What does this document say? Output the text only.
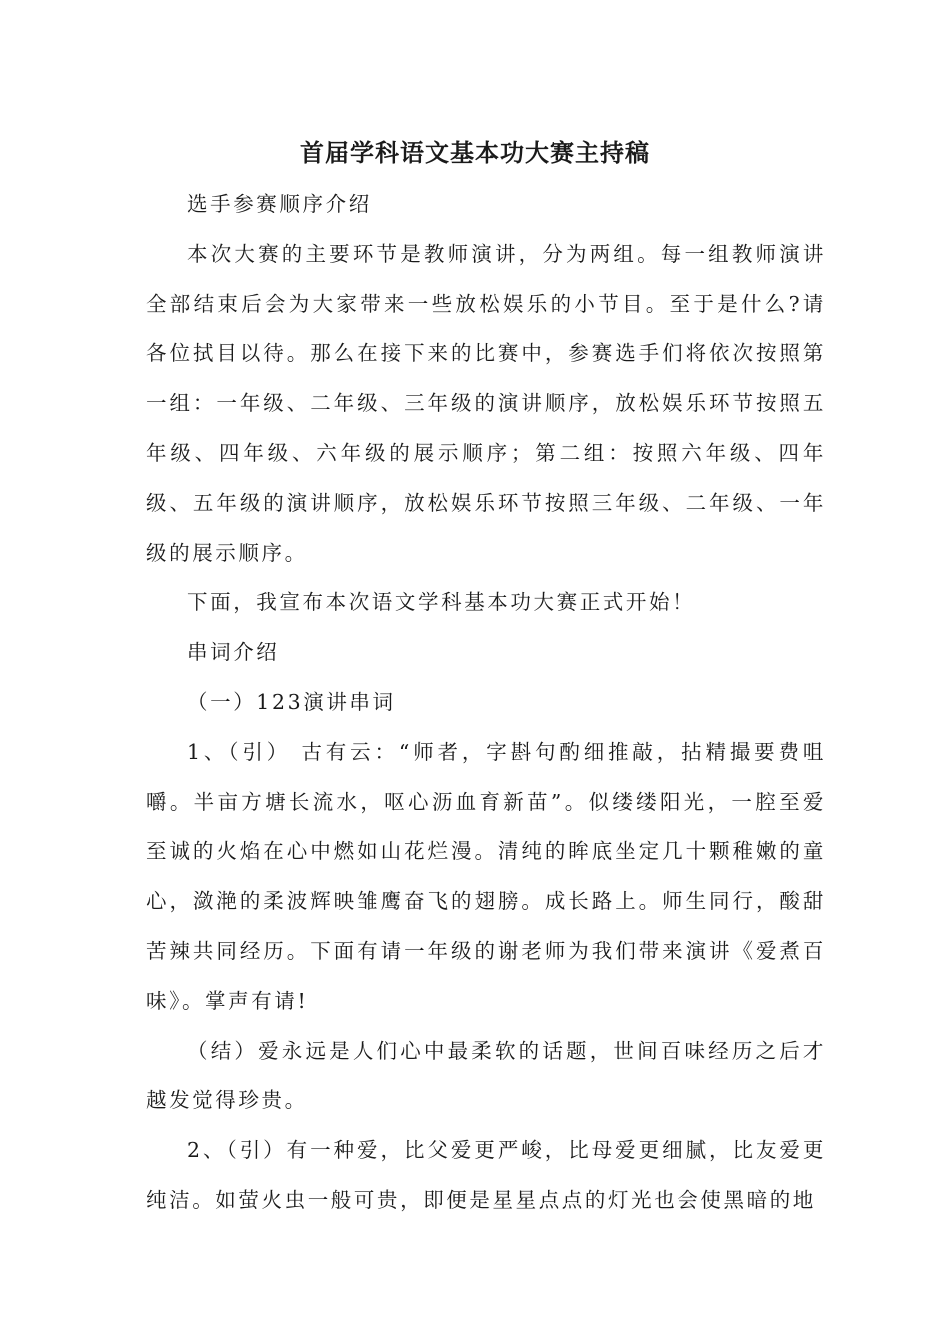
首届学科语文基本功大赛主持稿

选手参赛顺序介绍

本次大赛的主要环节是教师演讲，分为两组。每一组教师演讲全部结束后会为大家带来一些放松娱乐的小节目。至于是什么?请各位拭目以待。那么在接下来的比赛中，参赛选手们将依次按照第一组：一年级、二年级、三年级的演讲顺序，放松娱乐环节按照五年级、四年级、六年级的展示顺序；第二组：按照六年级、四年级、五年级的演讲顺序，放松娱乐环节按照三年级、二年级、一年级的展示顺序。

下面，我宣布本次语文学科基本功大赛正式开始！

串词介绍

（一）123演讲串词

1、（引） 古有云：“师者，字斟句酌细推敲，拈精撮要费咀嚼。半亩方塘长流水，呕心沥血育新苗”。似缕缕阳光，一腔至爱至诚的火焰在心中燃如山花烂漫。清纯的眸底坐定几十颗稚嫩的童心，潋滟的柔波辉映雏鹰奋飞的翅膀。成长路上。师生同行，酸甜苦辣共同经历。下面有请一年级的谢老师为我们带来演讲《爱煮百味》。掌声有请!

（结）爱永远是人们心中最柔软的话题，世间百味经历之后才越发觉得珍贵。

2、（引）有一种爱，比父爱更严峻，比母爱更细腻，比友爱更纯洁。如萤火虫一般可贵，即便是星星点点的灯光也会使黑暗的地
